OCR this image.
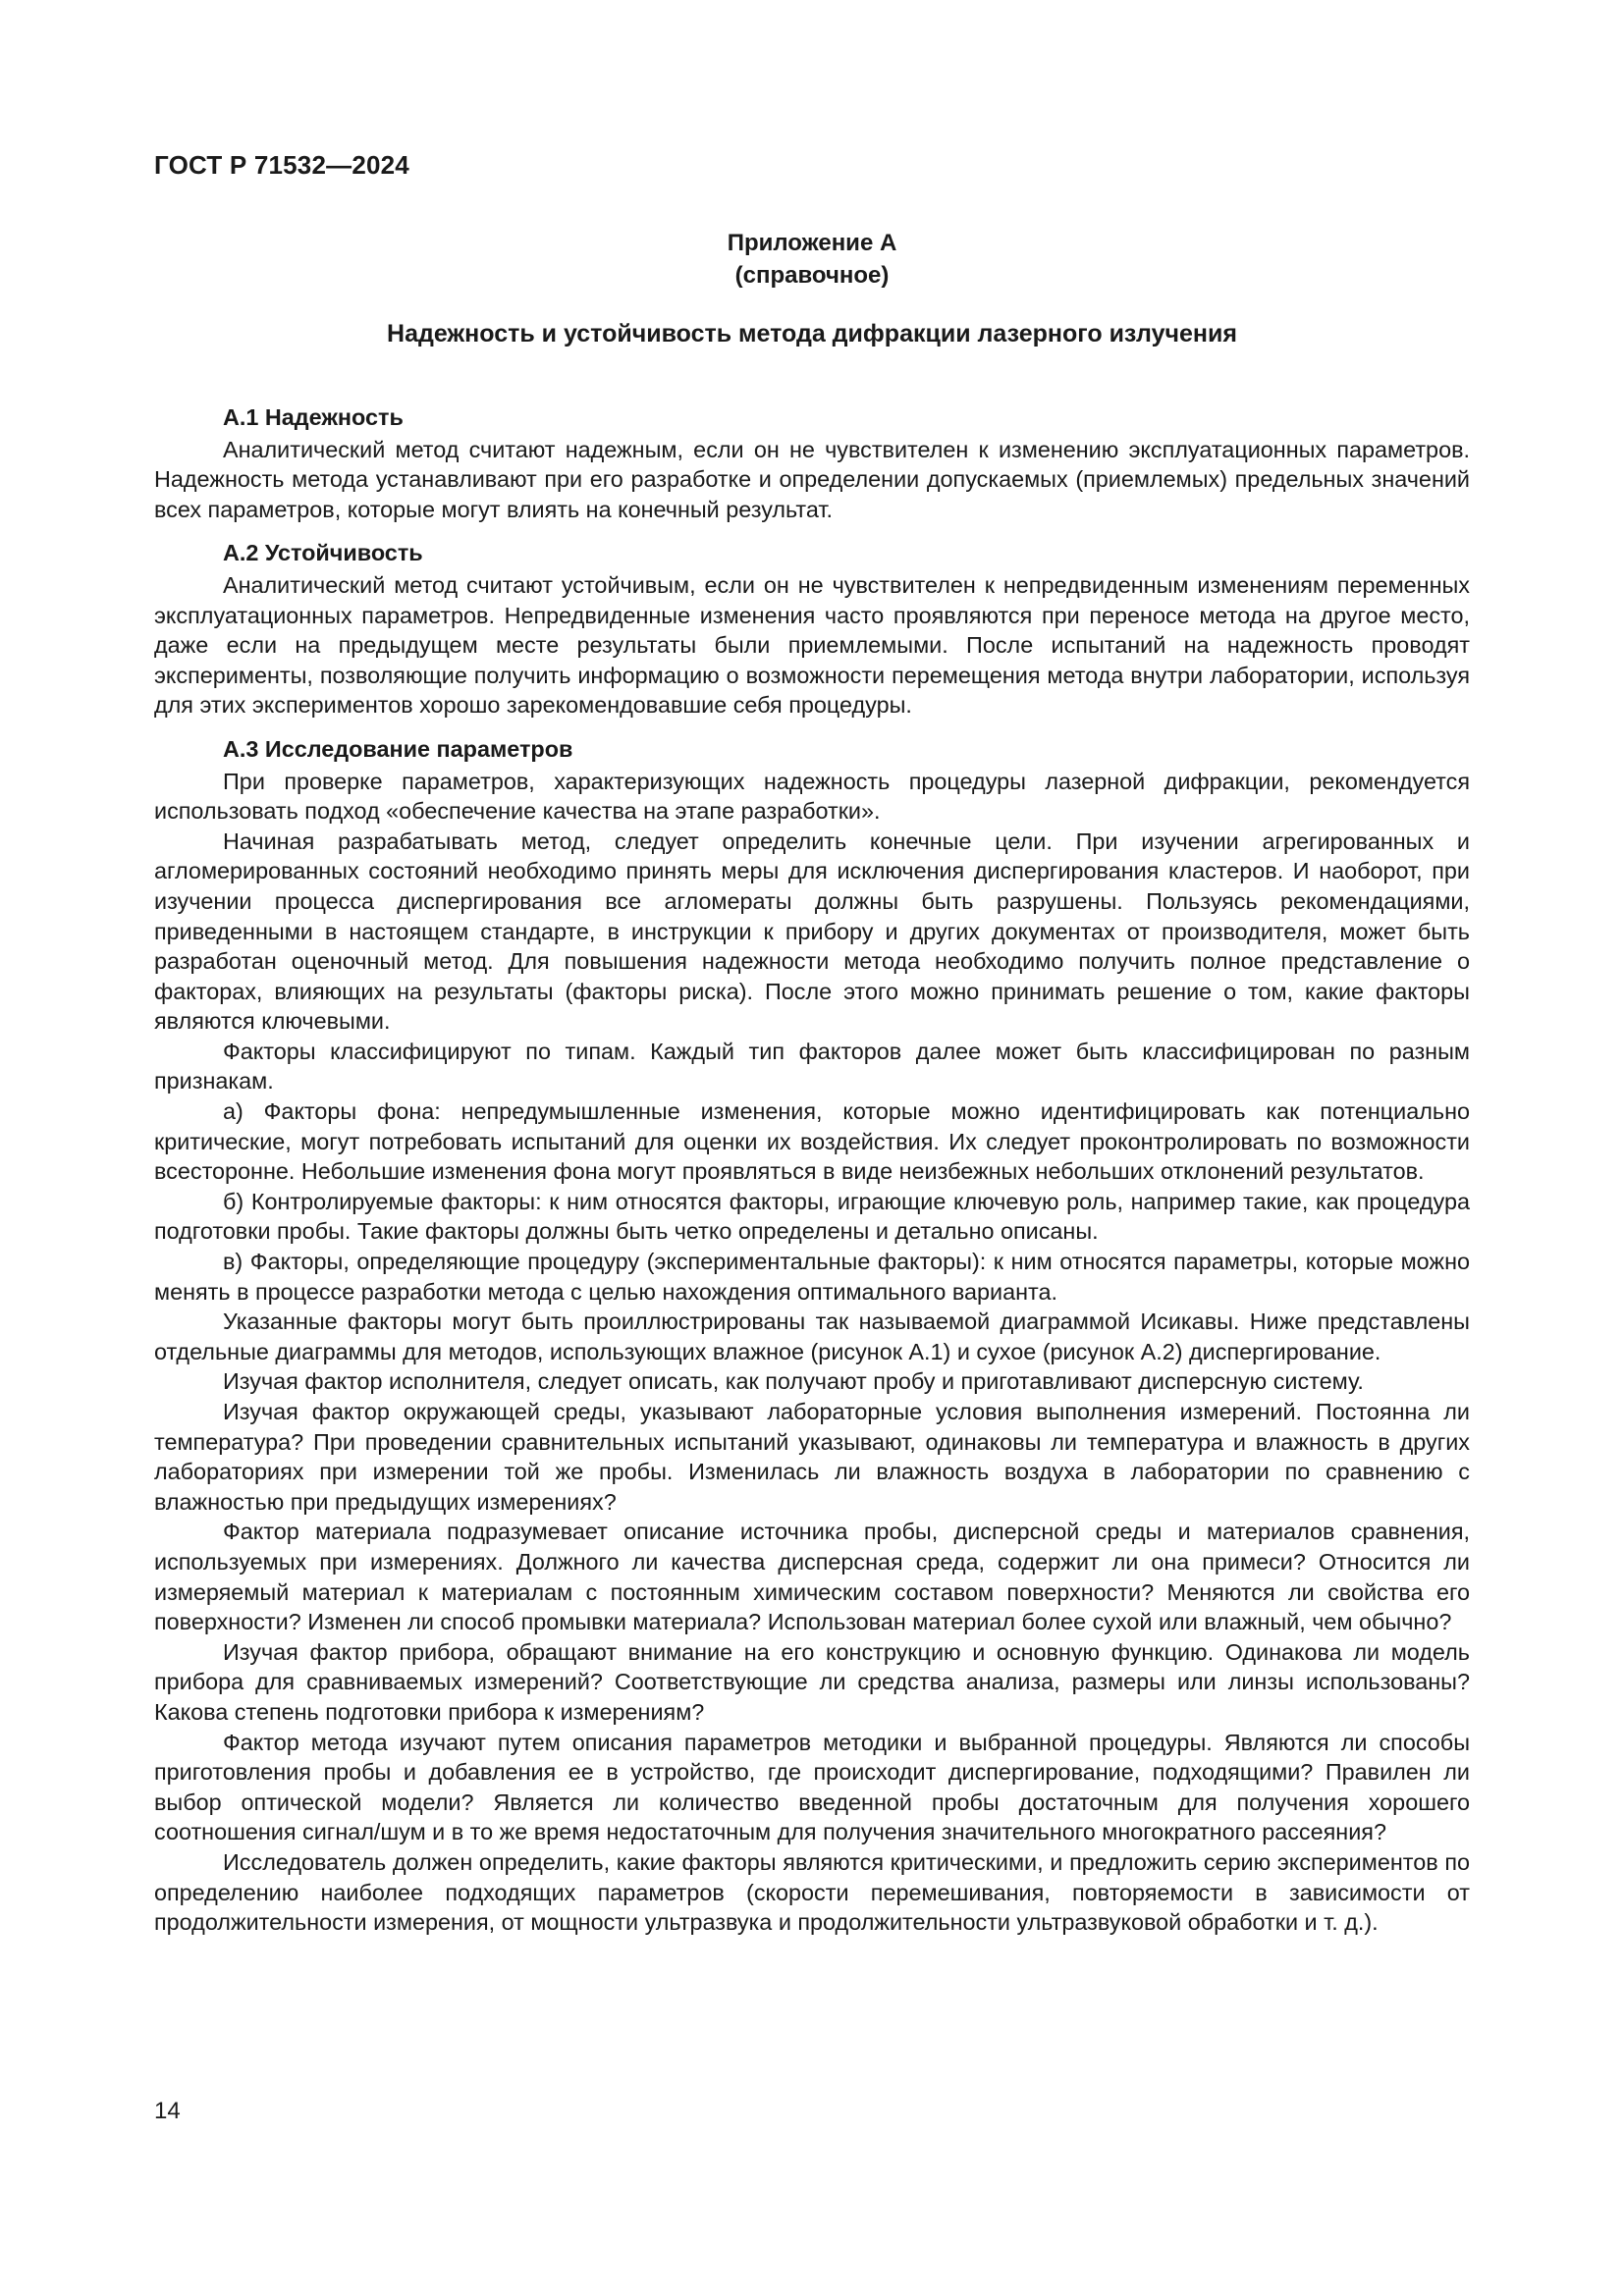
ГОСТ Р 71532—2024
Приложение А
(справочное)
Надежность и устойчивость метода дифракции лазерного излучения
А.1 Надежность

Аналитический метод считают надежным, если он не чувствителен к изменению эксплуатационных параметров. Надежность метода устанавливают при его разработке и определении допускаемых (приемлемых) предельных значений всех параметров, которые могут влиять на конечный результат.

А.2 Устойчивость

Аналитический метод считают устойчивым, если он не чувствителен к непредвиденным изменениям переменных эксплуатационных параметров. Непредвиденные изменения часто проявляются при переносе метода на другое место, даже если на предыдущем месте результаты были приемлемыми. После испытаний на надежность проводят эксперименты, позволяющие получить информацию о возможности перемещения метода внутри лаборатории, используя для этих экспериментов хорошо зарекомендовавшие себя процедуры.

А.3 Исследование параметров

При проверке параметров, характеризующих надежность процедуры лазерной дифракции, рекомендуется использовать подход «обеспечение качества на этапе разработки».

Начиная разрабатывать метод, следует определить конечные цели. При изучении агрегированных и агломерированных состояний необходимо принять меры для исключения диспергирования кластеров. И наоборот, при изучении процесса диспергирования все агломераты должны быть разрушены. Пользуясь рекомендациями, приведенными в настоящем стандарте, в инструкции к прибору и других документах от производителя, может быть разработан оценочный метод. Для повышения надежности метода необходимо получить полное представление о факторах, влияющих на результаты (факторы риска). После этого можно принимать решение о том, какие факторы являются ключевыми.

Факторы классифицируют по типам. Каждый тип факторов далее может быть классифицирован по разным признакам.

а) Факторы фона: непредумышленные изменения, которые можно идентифицировать как потенциально критические, могут потребовать испытаний для оценки их воздействия. Их следует проконтролировать по возможности всесторонне. Небольшие изменения фона могут проявляться в виде неизбежных небольших отклонений результатов.

б) Контролируемые факторы: к ним относятся факторы, играющие ключевую роль, например такие, как процедура подготовки пробы. Такие факторы должны быть четко определены и детально описаны.

в) Факторы, определяющие процедуру (экспериментальные факторы): к ним относятся параметры, которые можно менять в процессе разработки метода с целью нахождения оптимального варианта.

Указанные факторы могут быть проиллюстрированы так называемой диаграммой Исикавы. Ниже представлены отдельные диаграммы для методов, использующих влажное (рисунок А.1) и сухое (рисунок А.2) диспергирование.

Изучая фактор исполнителя, следует описать, как получают пробу и приготавливают дисперсную систему.

Изучая фактор окружающей среды, указывают лабораторные условия выполнения измерений. Постоянна ли температура? При проведении сравнительных испытаний указывают, одинаковы ли температура и влажность в других лабораториях при измерении той же пробы. Изменилась ли влажность воздуха в лаборатории по сравнению с влажностью при предыдущих измерениях?

Фактор материала подразумевает описание источника пробы, дисперсной среды и материалов сравнения, используемых при измерениях. Должного ли качества дисперсная среда, содержит ли она примеси? Относится ли измеряемый материал к материалам с постоянным химическим составом поверхности? Меняются ли свойства его поверхности? Изменен ли способ промывки материала? Использован материал более сухой или влажный, чем обычно?

Изучая фактор прибора, обращают внимание на его конструкцию и основную функцию. Одинакова ли модель прибора для сравниваемых измерений? Соответствующие ли средства анализа, размеры или линзы использованы? Какова степень подготовки прибора к измерениям?

Фактор метода изучают путем описания параметров методики и выбранной процедуры. Являются ли способы приготовления пробы и добавления ее в устройство, где происходит диспергирование, подходящими? Правилен ли выбор оптической модели? Является ли количество введенной пробы достаточным для получения хорошего соотношения сигнал/шум и в то же время недостаточным для получения значительного многократного рассеяния?

Исследователь должен определить, какие факторы являются критическими, и предложить серию экспериментов по определению наиболее подходящих параметров (скорости перемешивания, повторяемости в зависимости от продолжительности измерения, от мощности ультразвука и продолжительности ультразвуковой обработки и т. д.).

14
